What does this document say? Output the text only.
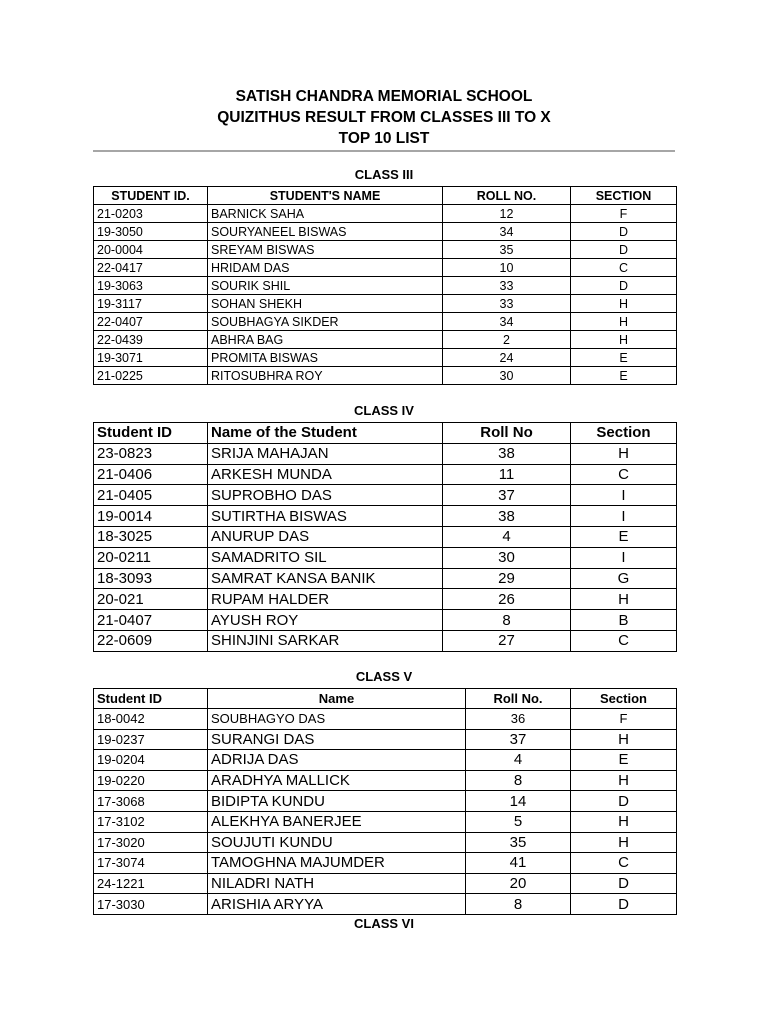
SATISH CHANDRA MEMORIAL SCHOOL
QUIZITHUS RESULT FROM CLASSES III TO X
TOP 10 LIST
CLASS III
STUDENT ID.	STUDENT'S NAME	ROLL NO.	SECTION
21-0203	BARNICK SAHA	12	F
19-3050	SOURYANEEL BISWAS	34	D
20-0004	SREYAM BISWAS	35	D
22-0417	HRIDAM DAS	10	C
19-3063	SOURIK SHIL	33	D
19-3117	SOHAN SHEKH	33	H
22-0407	SOUBHAGYA SIKDER	34	H
22-0439	ABHRA BAG	2	H
19-3071	PROMITA BISWAS	24	E
21-0225	RITOSUBHRA ROY	30	E
CLASS IV
Student ID	Name of the Student	Roll No	Section
23-0823	SRIJA MAHAJAN	38	H
21-0406	ARKESH MUNDA	11	C
21-0405	SUPROBHO DAS	37	I
19-0014	SUTIRTHA BISWAS	38	I
18-3025	ANURUP DAS	4	E
20-0211	SAMADRITO SIL	30	I
18-3093	SAMRAT KANSA BANIK	29	G
20-021	RUPAM HALDER	26	H
21-0407	AYUSH ROY	8	B
22-0609	SHINJINI SARKAR	27	C
CLASS V
Student ID	Name	Roll No.	Section
18-0042	SOUBHAGYO DAS	36	F
19-0237	SURANGI DAS	37	H
19-0204	ADRIJA DAS	4	E
19-0220	ARADHYA MALLICK	8	H
17-3068	BIDIPTA KUNDU	14	D
17-3102	ALEKHYA BANERJEE	5	H
17-3020	SOUJUTI KUNDU	35	H
17-3074	TAMOGHNA MAJUMDER	41	C
24-1221	NILADRI NATH	20	D
17-3030	ARISHIA ARYYA	8	D
CLASS VI
